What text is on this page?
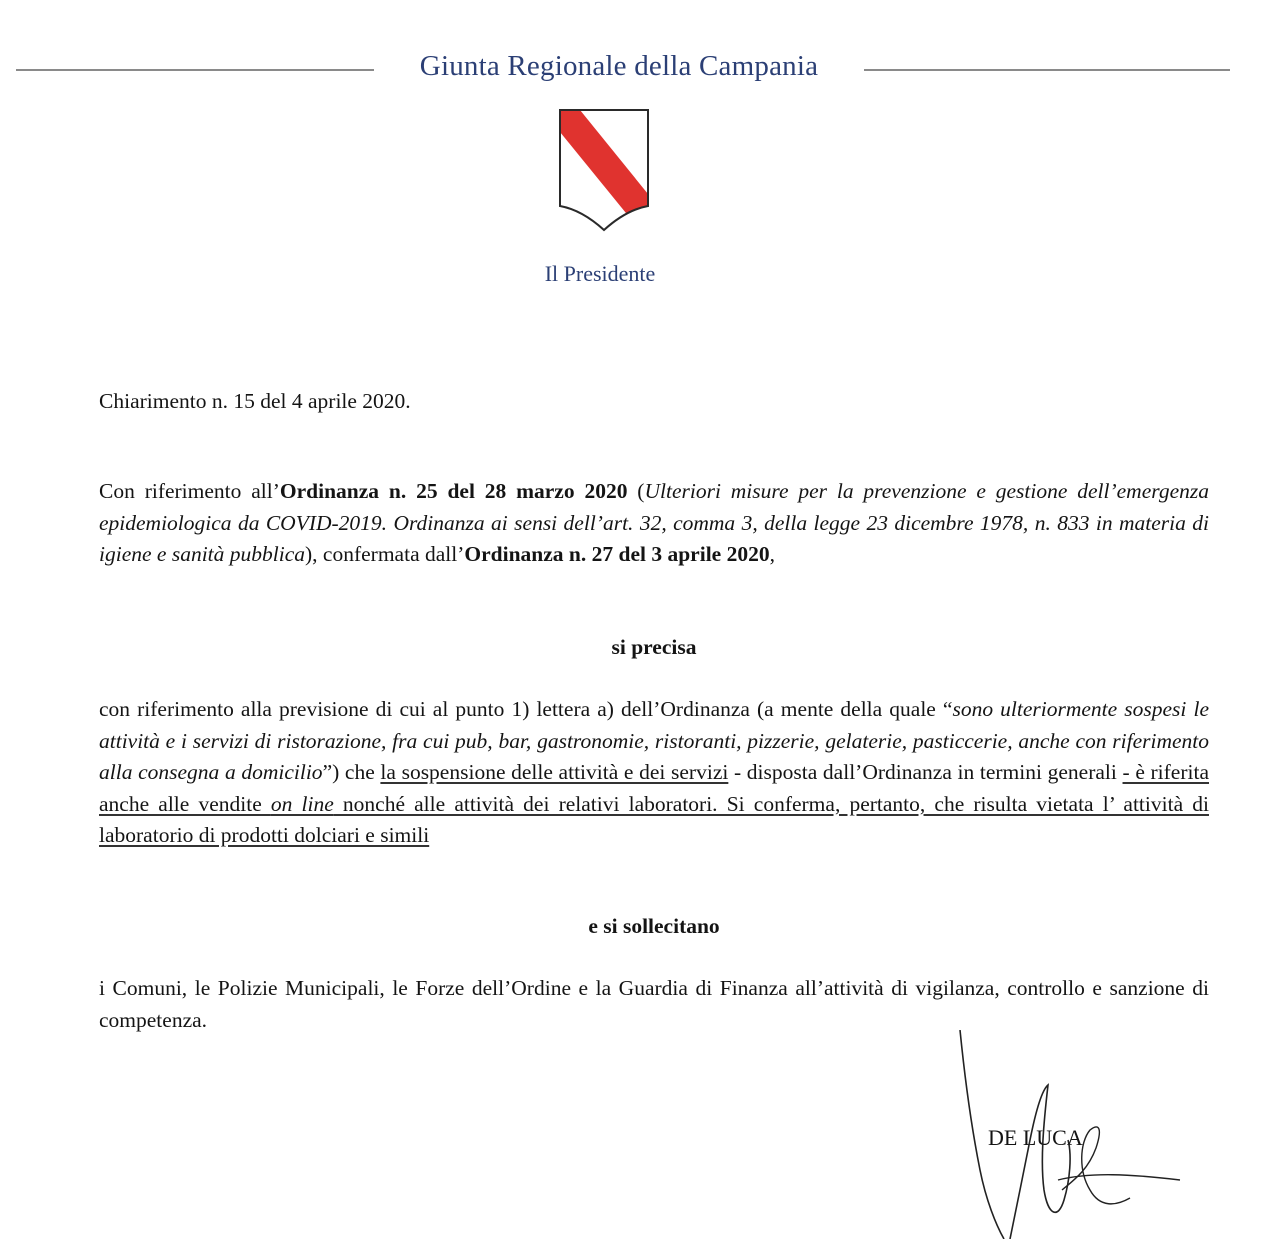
Giunta Regionale della Campania
Il Presidente
Chiarimento n. 15 del 4 aprile 2020.
Con riferimento all’Ordinanza n. 25 del 28 marzo 2020 (Ulteriori misure per la prevenzione e gestione dell’emergenza epidemiologica da COVID-2019. Ordinanza ai sensi dell’art. 32, comma 3, della legge 23 dicembre 1978, n. 833 in materia di igiene e sanità pubblica), confermata dall’Ordinanza n. 27 del 3 aprile 2020,
si precisa
con riferimento alla previsione di cui al punto 1) lettera a) dell’Ordinanza (a mente della quale “sono ulteriormente sospesi le attività e i servizi di ristorazione, fra cui pub, bar, gastronomie, ristoranti, pizzerie, gelaterie, pasticcerie, anche con riferimento alla consegna a domicilio”) che la sospensione delle attività e dei servizi - disposta dall’Ordinanza in termini generali - è riferita anche alle vendite on line nonché alle attività dei relativi laboratori. Si conferma, pertanto, che risulta vietata l’ attività di laboratorio di prodotti dolciari e simili
e si sollecitano
i Comuni, le Polizie Municipali, le Forze dell’Ordine e la Guardia di Finanza all’attività di vigilanza, controllo e sanzione di competenza.
DE LUCA
